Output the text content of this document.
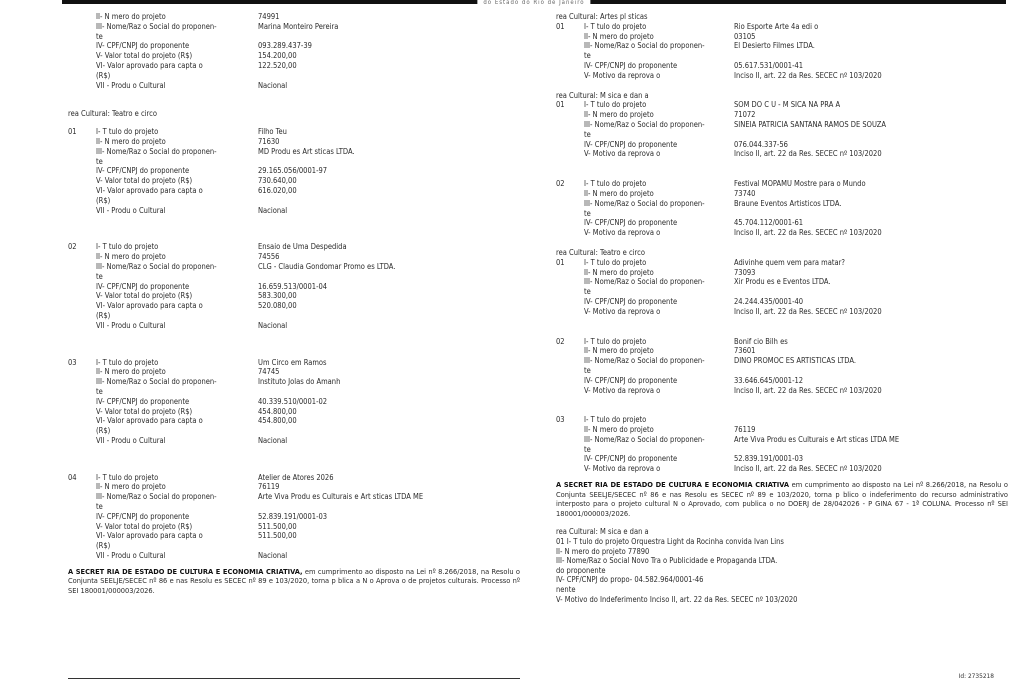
do Estado do Rio de Janeiro
II- N mero do projeto	74991
III- Nome/Raz o Social do proponen-	Marina Monteiro Pereira
te
IV- CPF/CNPJ do proponente	093.289.437-39
V- Valor total do projeto (R$)	154.200,00
VI- Valor aprovado para capta o	122.520,00
(R$)
VII - Produ o Cultural	Nacional
rea Cultural: Teatro e circo
01	I- T tulo do projeto	Filho Teu
II- N mero do projeto	71630
III- Nome/Raz o Social do proponen-	MD Produ es Art sticas LTDA.
te
IV- CPF/CNPJ do proponente	29.165.056/0001-97
V- Valor total do projeto (R$)	730.640,00
VI- Valor aprovado para capta o	616.020,00
(R$)
VII - Produ o Cultural	Nacional
02	I- T tulo do projeto	Ensaio de Uma Despedida
II- N mero do projeto	74556
III- Nome/Raz o Social do proponen-	CLG - Claudia Gondomar Promo es LTDA.
te
IV- CPF/CNPJ do proponente	16.659.513/0001-04
V- Valor total do projeto (R$)	583.300,00
VI- Valor aprovado para capta o	520.080,00
(R$)
VII - Produ o Cultural	Nacional
03	I- T tulo do projeto	Um Circo em Ramos
II- N mero do projeto	74745
III- Nome/Raz o Social do proponen-	Instituto Jolas do Amanh
te
IV- CPF/CNPJ do proponente	40.339.510/0001-02
V- Valor total do projeto (R$)	454.800,00
VI- Valor aprovado para capta o	454.800,00
(R$)
VII - Produ o Cultural	Nacional
04	I- T tulo do projeto	Atelier de Atores 2026
II- N mero do projeto	76119
III- Nome/Raz o Social do proponen-	Arte Viva Produ es Culturais e Art sticas LTDA ME
te
IV- CPF/CNPJ do proponente	52.839.191/0001-03
V- Valor total do projeto (R$)	511.500,00
VI- Valor aprovado para capta o	511.500,00
(R$)
VII - Produ o Cultural	Nacional
A SECRET RIA DE ESTADO DE CULTURA E ECONOMIA CRIATIVA, em cumprimento ao disposto na Lei nº 8.266/2018, na Resolu o Conjunta SEELJE/SECEC nº 86 e nas Resolu es SECEC nº 89 e 103/2020, torna p blica a N o Aprova o de projetos culturais. Processo nº SEI 180001/000003/2026.
rea Cultural: Artes pl sticas
01	I- T tulo do projeto	Rio Esporte Arte 4a edi o
II- N mero do projeto	03105
III- Nome/Raz o Social do proponen-	El Desierto Filmes LTDA.
te
IV- CPF/CNPJ do proponente	05.617.531/0001-41
V- Motivo da reprova o	Inciso II, art. 22 da Res. SECEC nº 103/2020
rea Cultural: M sica e dan a
01	I- T tulo do projeto	SOM DO C U - M SICA NA PRA A
II- N mero do projeto	71072
III- Nome/Raz o Social do proponen-	SINEIA PATRICIA SANTANA RAMOS DE SOUZA
te
IV- CPF/CNPJ do proponente	076.044.337-56
V- Motivo da reprova o	Inciso II, art. 22 da Res. SECEC nº 103/2020
02	I- T tulo do projeto	Festival MOPAMU Mostre para o Mundo
II- N mero do projeto	73740
III- Nome/Raz o Social do proponen-	Braune Eventos Artisticos LTDA.
te
IV- CPF/CNPJ do proponente	45.704.112/0001-61
V- Motivo da reprova o	Inciso II, art. 22 da Res. SECEC nº 103/2020
rea Cultural: Teatro e circo
01	I- T tulo do projeto	Adivinhe quem vem para matar?
II- N mero do projeto	73093
III- Nome/Raz o Social do proponen-	Xir Produ es e Eventos LTDA.
te
IV- CPF/CNPJ do proponente	24.244.435/0001-40
V- Motivo da reprova o	Inciso II, art. 22 da Res. SECEC nº 103/2020
02	I- T tulo do projeto	Bonif cio Bilh es
II- N mero do projeto	73601
III- Nome/Raz o Social do proponen-	DINO PROMOC ES ARTISTICAS LTDA.
te
IV- CPF/CNPJ do proponente	33.646.645/0001-12
V- Motivo da reprova o	Inciso II, art. 22 da Res. SECEC nº 103/2020
03	I- T tulo do projeto
II- N mero do projeto	76119
III- Nome/Raz o Social do proponen-	Arte Viva Produ es Culturais e Art sticas LTDA ME
te
IV- CPF/CNPJ do proponente	52.839.191/0001-03
V- Motivo da reprova o	Inciso II, art. 22 da Res. SECEC nº 103/2020
A SECRET RIA DE ESTADO DE CULTURA E ECONOMIA CRIATIVA em cumprimento ao disposto na Lei nº 8.266/2018, na Resolu o Conjunta SEELJE/SECEC nº 86 e nas Resolu es SECEC nº 89 e 103/2020, torna p blico o indeferimento do recurso administrativo interposto para o projeto cultural N o Aprovado, com publica o no DOERJ de 28/042026 - P GINA 67 - 1ª COLUNA. Processo nº SEI 180001/000003/2026.
rea Cultural: M sica e dan a
01 I- T tulo do projeto Orquestra Light da Rocinha convida Ivan Lins
II- N mero do projeto 77890
III- Nome/Raz o Social Novo Tra o Publicidade e Propaganda LTDA.
do proponente
IV- CPF/CNPJ do propo- 04.582.964/0001-46
nente
V- Motivo do Indeferimento Inciso II, art. 22 da Res. SECEC nº 103/2020
Id: 2735218
